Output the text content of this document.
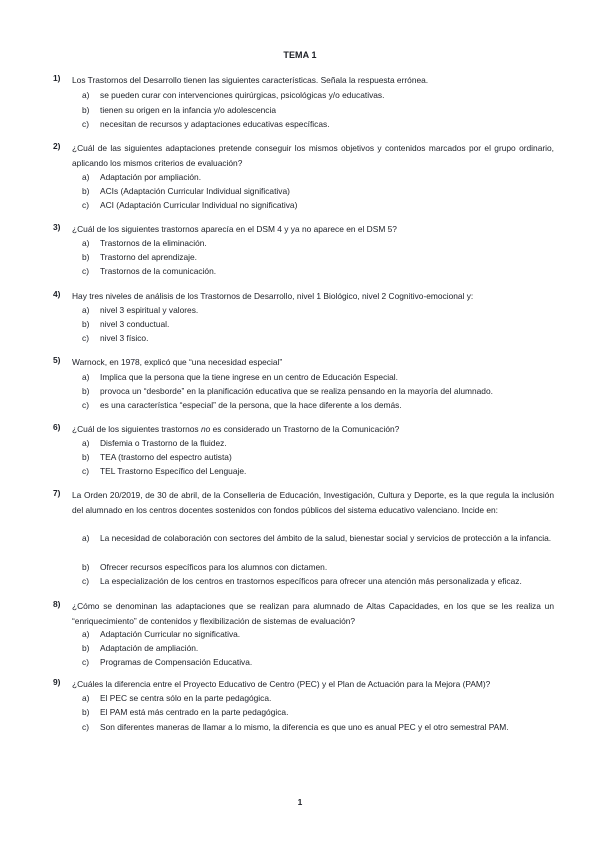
TEMA 1
1) Los Trastornos del Desarrollo tienen las siguientes características. Señala la respuesta errónea.
a) se pueden curar con intervenciones quirúrgicas, psicológicas y/o educativas.
b) tienen su origen en la infancia y/o adolescencia
c) necesitan de recursos y adaptaciones educativas específicas.
2) ¿Cuál de las siguientes adaptaciones pretende conseguir los mismos objetivos y contenidos marcados por el grupo ordinario, aplicando los mismos criterios de evaluación?
a) Adaptación por ampliación.
b) ACIs (Adaptación Curricular Individual significativa)
c) ACI (Adaptación Curricular Individual no significativa)
3) ¿Cuál de los siguientes trastornos aparecía en el DSM 4 y ya no aparece en el DSM 5?
a) Trastornos de la eliminación.
b) Trastorno del aprendizaje.
c) Trastornos de la comunicación.
4) Hay tres niveles de análisis de los Trastornos de Desarrollo, nivel 1 Biológico, nivel 2 Cognitivo-emocional y:
a) nivel 3 espiritual y valores.
b) nivel 3 conductual.
c) nivel 3 físico.
5) Warnock, en 1978, explicó que “una necesidad especial”
a) Implica que la persona que la tiene ingrese en un centro de Educación Especial.
b) provoca un “desborde” en la planificación educativa que se realiza pensando en la mayoría del alumnado.
c) es una característica “especial” de la persona, que la hace diferente a los demás.
6) ¿Cuál de los siguientes trastornos no es considerado un Trastorno de la Comunicación?
a) Disfemia o Trastorno de la fluidez.
b) TEA (trastorno del espectro autista)
c) TEL Trastorno Específico del Lenguaje.
7) La Orden 20/2019, de 30 de abril, de la Conselleria de Educación, Investigación, Cultura y Deporte, es la que regula la inclusión del alumnado en los centros docentes sostenidos con fondos públicos del sistema educativo valenciano. Incide en:
a) La necesidad de colaboración con sectores del ámbito de la salud, bienestar social y servicios de protección a la infancia.
b) Ofrecer recursos específicos para los alumnos con dictamen.
c) La especialización de los centros en trastornos específicos para ofrecer una atención más personalizada y eficaz.
8) ¿Cómo se denominan las adaptaciones que se realizan para alumnado de Altas Capacidades, en los que se les realiza un “enriquecimiento” de contenidos y flexibilización de sistemas de evaluación?
a) Adaptación Curricular no significativa.
b) Adaptación de ampliación.
c) Programas de Compensación Educativa.
9) ¿Cuáles la diferencia entre el Proyecto Educativo de Centro (PEC) y el Plan de Actuación para la Mejora (PAM)?
a) El PEC se centra sólo en la parte pedagógica.
b) El PAM está más centrado en la parte pedagógica.
c) Son diferentes maneras de llamar a lo mismo, la diferencia es que uno es anual PEC y el otro semestral PAM.
1
